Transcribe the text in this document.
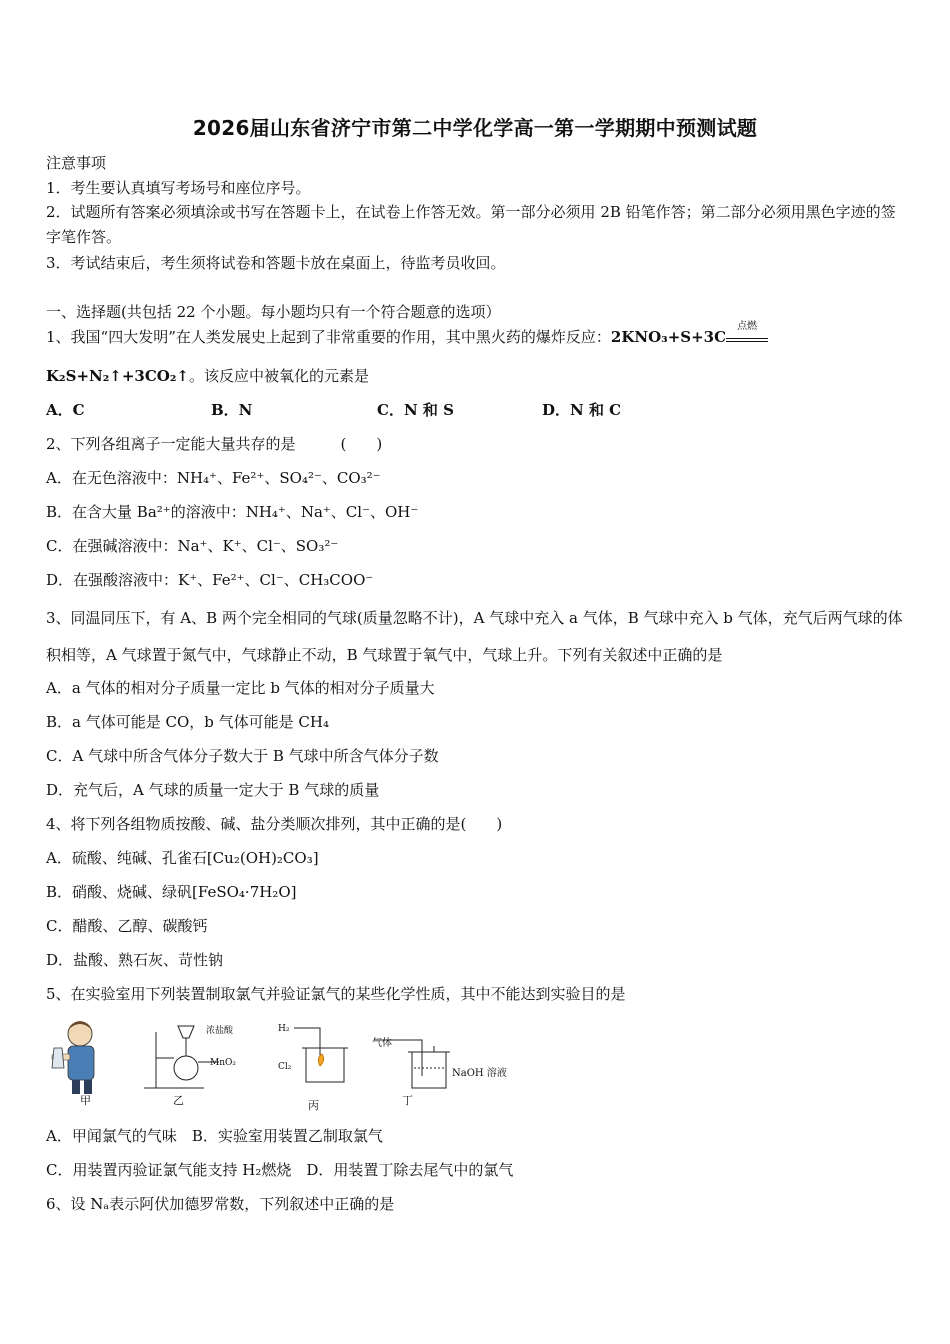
2026届山东省济宁市第二中学化学高一第一学期期中预测试题
注意事项
1．考生要认真填写考场号和座位序号。
2．试题所有答案必须填涂或书写在答题卡上，在试卷上作答无效。第一部分必须用 2B 铅笔作答；第二部分必须用黑色字迹的签字笔作答。
3．考试结束后，考生须将试卷和答题卡放在桌面上，待监考员收回。
一、选择题(共包括 22 个小题。每小题均只有一个符合题意的选项）
1、我国“四大发明”在人类发展史上起到了非常重要的作用，其中黑火药的爆炸反应：2KNO₃+S+3C
点燃
K₂S+N₂↑+3CO₂↑。该反应中被氧化的元素是
A．C	B．N	C．N 和 S	D．N 和 C
2、下列各组离子一定能大量共存的是　　　(　　)
A．在无色溶液中：NH₄⁺、Fe²⁺、SO₄²⁻、CO₃²⁻
B．在含大量 Ba²⁺的溶液中：NH₄⁺、Na⁺、Cl⁻、OH⁻
C．在强碱溶液中：Na⁺、K⁺、Cl⁻、SO₃²⁻
D．在强酸溶液中：K⁺、Fe²⁺、Cl⁻、CH₃COO⁻
3、同温同压下，有 A、B 两个完全相同的气球(质量忽略不计)，A 气球中充入 a 气体，B 气球中充入 b 气体，充气后两气球的体积相等，A 气球置于氮气中，气球静止不动，B 气球置于氧气中，气球上升。下列有关叙述中正确的是
A．a 气体的相对分子质量一定比 b 气体的相对分子质量大
B．a 气体可能是 CO，b 气体可能是 CH₄
C．A 气球中所含气体分子数大于 B 气球中所含气体分子数
D．充气后，A 气球的质量一定大于 B 气球的质量
4、将下列各组物质按酸、碱、盐分类顺次排列，其中正确的是(　　)
A．硫酸、纯碱、孔雀石[Cu₂(OH)₂CO₃]
B．硝酸、烧碱、绿矾[FeSO₄·7H₂O]
C．醋酸、乙醇、碳酸钙
D．盐酸、熟石灰、苛性钠
5、在实验室用下列装置制取氯气并验证氯气的某些化学性质，其中不能达到实验目的是
甲	乙	丙	丁
浓盐酸
MnO₂
H₂
Cl₂
气体
NaOH 溶液
A．甲闻氯气的气味　B．实验室用装置乙制取氯气
C．用装置丙验证氯气能支持 H₂燃烧　D．用装置丁除去尾气中的氯气
6、设 Nₐ表示阿伏加德罗常数，下列叙述中正确的是
